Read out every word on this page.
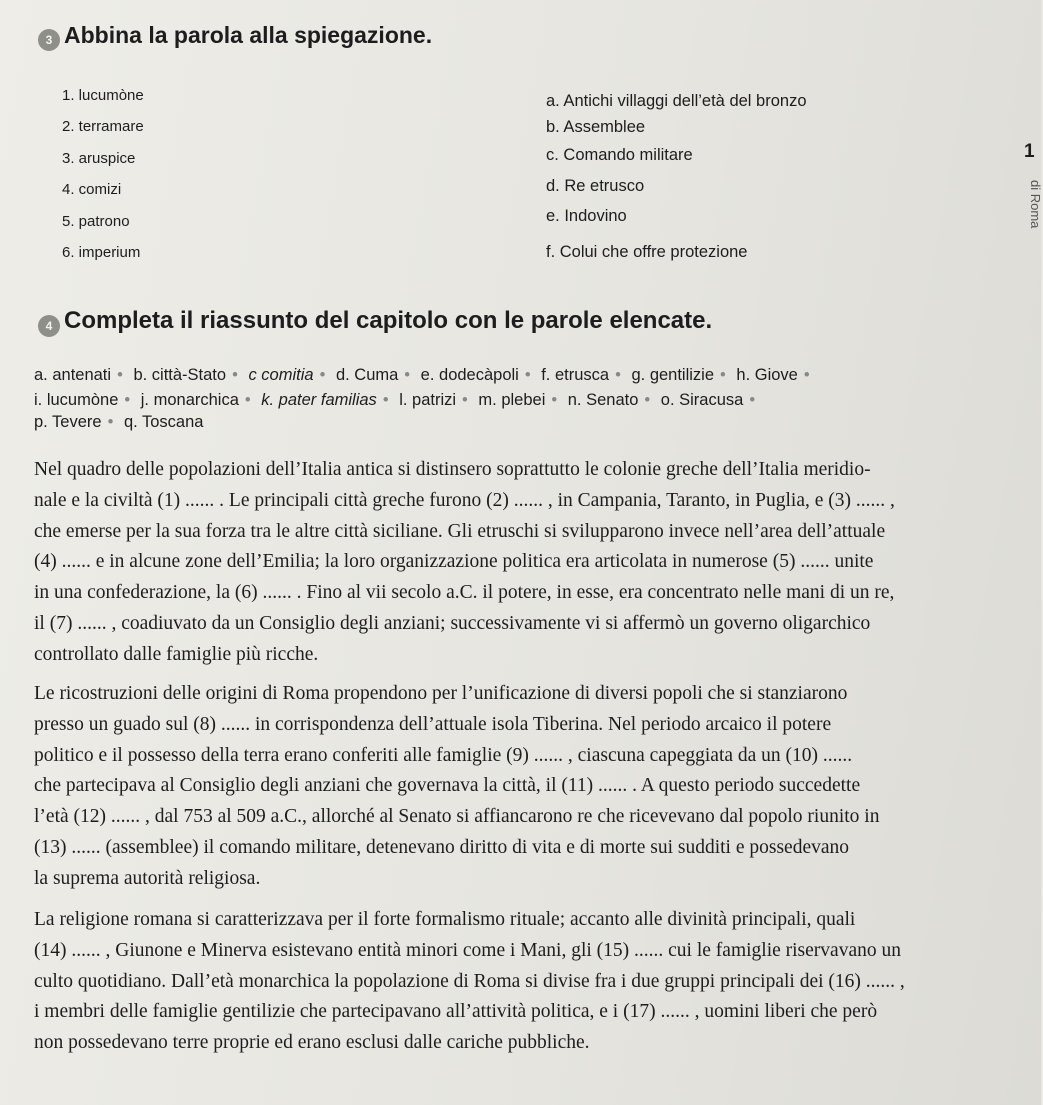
3 Abbina la parola alla spiegazione.
1. lucumòne
2. terramare
3. aruspice
4. comizi
5. patrono
6. imperium
a. Antichi villaggi dell’età del bronzo
b. Assemblee
c. Comando militare
d. Re etrusco
e. Indovino
f. Colui che offre protezione
1
di Roma
4 Completa il riassunto del capitolo con le parole elencate.
a. antenati • b. città-Stato • c comitia • d. Cuma • e. dodecàpoli • f. etrusca • g. gentilizie • h. Giove •
i. lucumòne • j. monarchica • k. pater familias • l. patrizi • m. plebei • n. Senato • o. Siracusa •
p. Tevere • q. Toscana
Nel quadro delle popolazioni dell’Italia antica si distinsero soprattutto le colonie greche dell’Italia meridio-
nale e la civiltà (1) ...... . Le principali città greche furono (2) ...... , in Campania, Taranto, in Puglia, e (3) ...... ,
che emerse per la sua forza tra le altre città siciliane. Gli etruschi si svilupparono invece nell’area dell’attuale
(4) ...... e in alcune zone dell’Emilia; la loro organizzazione politica era articolata in numerose (5) ...... unite
in una confederazione, la (6) ...... . Fino al vii secolo a.C. il potere, in esse, era concentrato nelle mani di un re,
il (7) ...... , coadiuvato da un Consiglio degli anziani; successivamente vi si affermò un governo oligarchico
controllato dalle famiglie più ricche.
Le ricostruzioni delle origini di Roma propendono per l’unificazione di diversi popoli che si stanziarono
presso un guado sul (8) ...... in corrispondenza dell’attuale isola Tiberina. Nel periodo arcaico il potere
politico e il possesso della terra erano conferiti alle famiglie (9) ...... , ciascuna capeggiata da un (10) ......
che partecipava al Consiglio degli anziani che governava la città, il (11) ...... . A questo periodo succedette
l’età (12) ...... , dal 753 al 509 a.C., allorché al Senato si affiancarono re che ricevevano dal popolo riunito in
(13) ...... (assemblee) il comando militare, detenevano diritto di vita e di morte sui sudditi e possedevano
la suprema autorità religiosa.
La religione romana si caratterizzava per il forte formalismo rituale; accanto alle divinità principali, quali
(14) ...... , Giunone e Minerva esistevano entità minori come i Mani, gli (15) ...... cui le famiglie riservavano un
culto quotidiano. Dall’età monarchica la popolazione di Roma si divise fra i due gruppi principali dei (16) ...... ,
i membri delle famiglie gentilizie che partecipavano all’attività politica, e i (17) ...... , uomini liberi che però
non possedevano terre proprie ed erano esclusi dalle cariche pubbliche.
